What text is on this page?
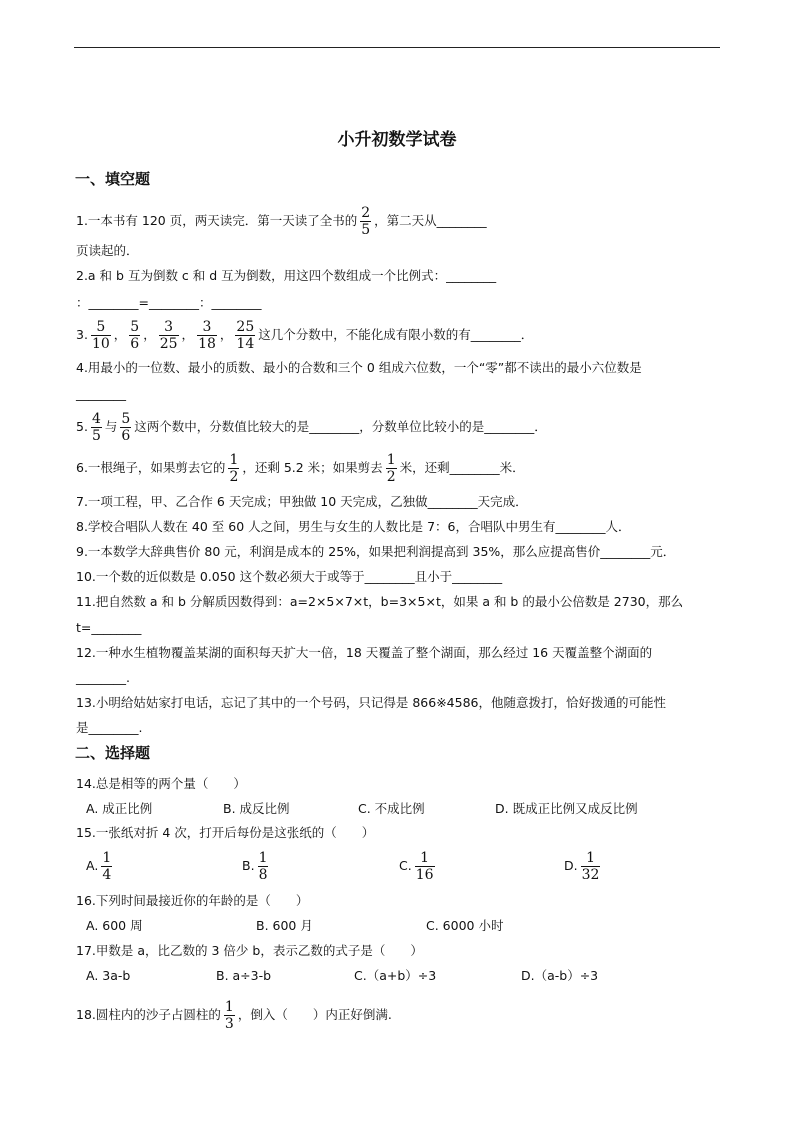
小升初数学试卷
一、填空题
1.一本书有 120 页，两天读完．第一天读了全书的 $\frac{2}{5}$ ，第二天从________
页读起的．
2.a 和 b 互为倒数 c 和 d 互为倒数，用这四个数组成一个比例式：________
：________=________：________
3. $\frac{5}{10}$ ， $\frac{5}{6}$ ， $\frac{3}{25}$ ， $\frac{3}{18}$ ， $\frac{25}{14}$ 这几个分数中，不能化成有限小数的有________．
4.用最小的一位数、最小的质数、最小的合数和三个 0 组成六位数，一个“零”都不读出的最小六位数是
________
5. $\frac{4}{5}$ 与 $\frac{5}{6}$ 这两个数中，分数值比较大的是________，分数单位比较小的是________．
6.一根绳子，如果剪去它的 $\frac{1}{2}$ ，还剩 5.2 米；如果剪去 $\frac{1}{2}$ 米，还剩________米．
7.一项工程，甲、乙合作 6 天完成；甲独做 10 天完成，乙独做________天完成．
8.学校合唱队人数在 40 至 60 人之间，男生与女生的人数比是 7：6，合唱队中男生有________人．
9.一本数学大辞典售价 80 元，利润是成本的 25%，如果把利润提高到 35%，那么应提高售价________元．
10.一个数的近似数是 0.050 这个数必须大于或等于________且小于________
11.把自然数 a 和 b 分解质因数得到：a=2×5×7×t，b=3×5×t，如果 a 和 b 的最小公倍数是 2730，那么
t=________
12.一种水生植物覆盖某湖的面积每天扩大一倍，18 天覆盖了整个湖面，那么经过 16 天覆盖整个湖面的
________.
13.小明给姑姑家打电话，忘记了其中的一个号码，只记得是 866※4586，他随意拨打，恰好拨通的可能性
是________.
二、选择题
14.总是相等的两个量（　　）
A. 成正比例	B. 成反比例	C. 不成比例	D. 既成正比例又成反比例
15.一张纸对折 4 次，打开后每份是这张纸的（　　）
A. $\frac{1}{4}$	B. $\frac{1}{8}$	C. $\frac{1}{16}$	D. $\frac{1}{32}$
16.下列时间最接近你的年龄的是（　　）
A. 600 周	B. 600 月	C. 6000 小时
17.甲数是 a，比乙数的 3 倍少 b，表示乙数的式子是（　　）
A. 3a-b	B. a÷3-b	C.（a+b）÷3	D.（a-b）÷3
18.圆柱内的沙子占圆柱的 $\frac{1}{3}$ ，倒入（　　）内正好倒满.
